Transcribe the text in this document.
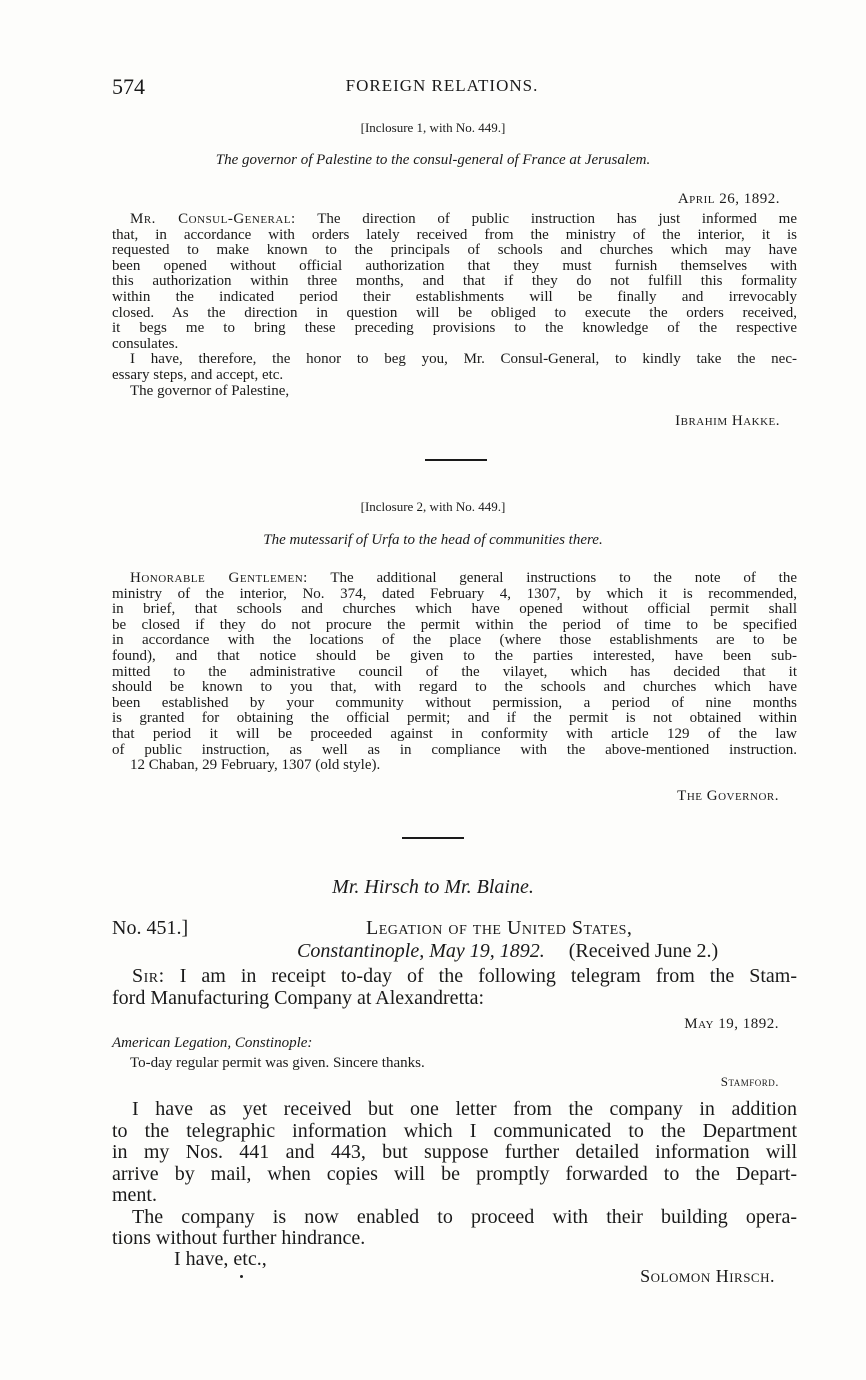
574	FOREIGN RELATIONS.
[Inclosure 1, with No. 449.]
The governor of Palestine to the consul-general of France at Jerusalem.
April 26, 1892.
Mr. Consul-General: The direction of public instruction has just informed me
that, in accordance with orders lately received from the ministry of the interior, it is
requested to make known to the principals of schools and churches which may have
been opened without official authorization that they must furnish themselves with
this authorization within three months, and that if they do not fulfill this formality
within the indicated period their establishments will be finally and irrevocably
closed. As the direction in question will be obliged to execute the orders received,
it begs me to bring these preceding provisions to the knowledge of the respective
consulates.
I have, therefore, the honor to beg you, Mr. Consul-General, to kindly take the nec-
essary steps, and accept, etc.
The governor of Palestine,
Ibrahim Hakke.
[Inclosure 2, with No. 449.]
The mutessarif of Urfa to the head of communities there.
Honorable Gentlemen: The additional general instructions to the note of the
ministry of the interior, No. 374, dated February 4, 1307, by which it is recommended,
in brief, that schools and churches which have opened without official permit shall
be closed if they do not procure the permit within the period of time to be specified
in accordance with the locations of the place (where those establishments are to be
found), and that notice should be given to the parties interested, have been sub-
mitted to the administrative council of the vilayet, which has decided that it
should be known to you that, with regard to the schools and churches which have
been established by your community without permission, a period of nine months
is granted for obtaining the official permit; and if the permit is not obtained within
that period it will be proceeded against in conformity with article 129 of the law
of public instruction, as well as in compliance with the above-mentioned instruction.
12 Chaban, 29 February, 1307 (old style).
The Governor.
Mr. Hirsch to Mr. Blaine.
No. 451.]	Legation of the United States,
Constantinople, May 19, 1892. (Received June 2.)
Sir: I am in receipt to-day of the following telegram from the Stam-
ford Manufacturing Company at Alexandretta:
May 19, 1892.
American Legation, Constinople:
To-day regular permit was given. Sincere thanks.
Stamford.
I have as yet received but one letter from the company in addition
to the telegraphic information which I communicated to the Department
in my Nos. 441 and 443, but suppose further detailed information will
arrive by mail, when copies will be promptly forwarded to the Depart-
ment.
The company is now enabled to proceed with their building opera-
tions without further hindrance.
I have, etc.,
Solomon Hirsch.
